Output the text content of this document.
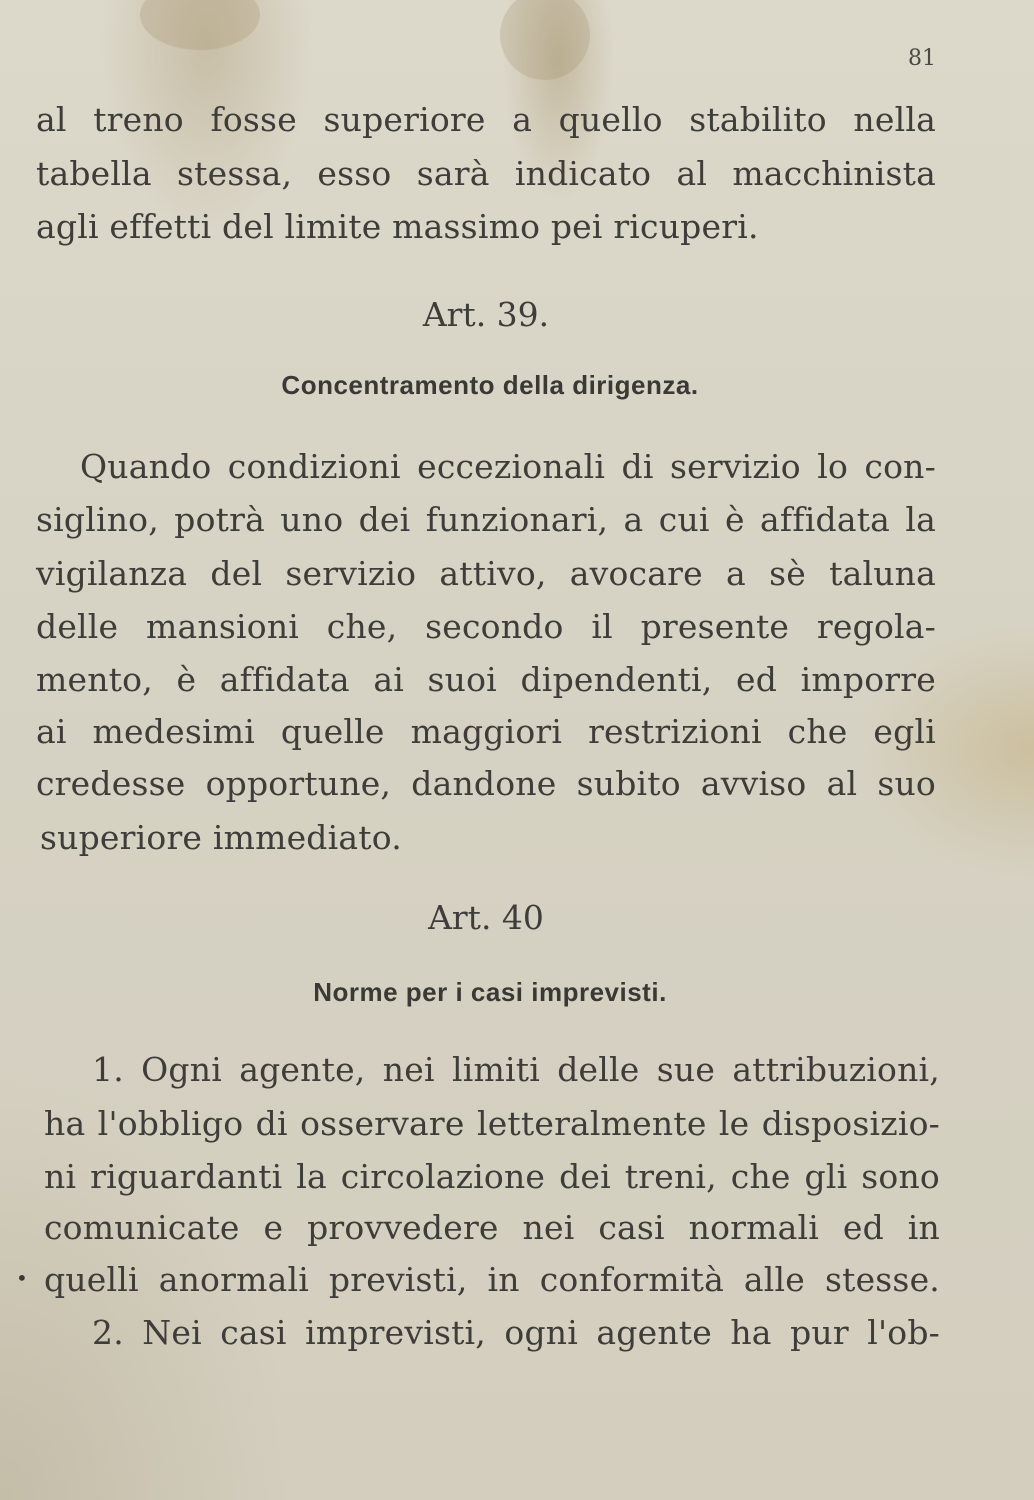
81
al treno fosse superiore a quello stabilito nella
tabella stessa, esso sarà indicato al macchinista
agli effetti del limite massimo pei ricuperi.
Art. 39.
Concentramento della dirigenza.
Quando condizioni eccezionali di servizio lo con-
siglino, potrà uno dei funzionari, a cui è affidata la
vigilanza del servizio attivo, avocare a sè taluna
delle mansioni che, secondo il presente regola-
mento, è affidata ai suoi dipendenti, ed imporre
ai medesimi quelle maggiori restrizioni che egli
credesse opportune, dandone subito avviso al suo
superiore immediato.
Art. 40
Norme per i casi imprevisti.
1. Ogni agente, nei limiti delle sue attribuzioni,
ha l'obbligo di osservare letteralmente le disposizio-
ni riguardanti la circolazione dei treni, che gli sono
comunicate e provvedere nei casi normali ed in
• quelli anormali previsti, in conformità alle stesse.
2. Nei casi imprevisti, ogni agente ha pur l'ob-
